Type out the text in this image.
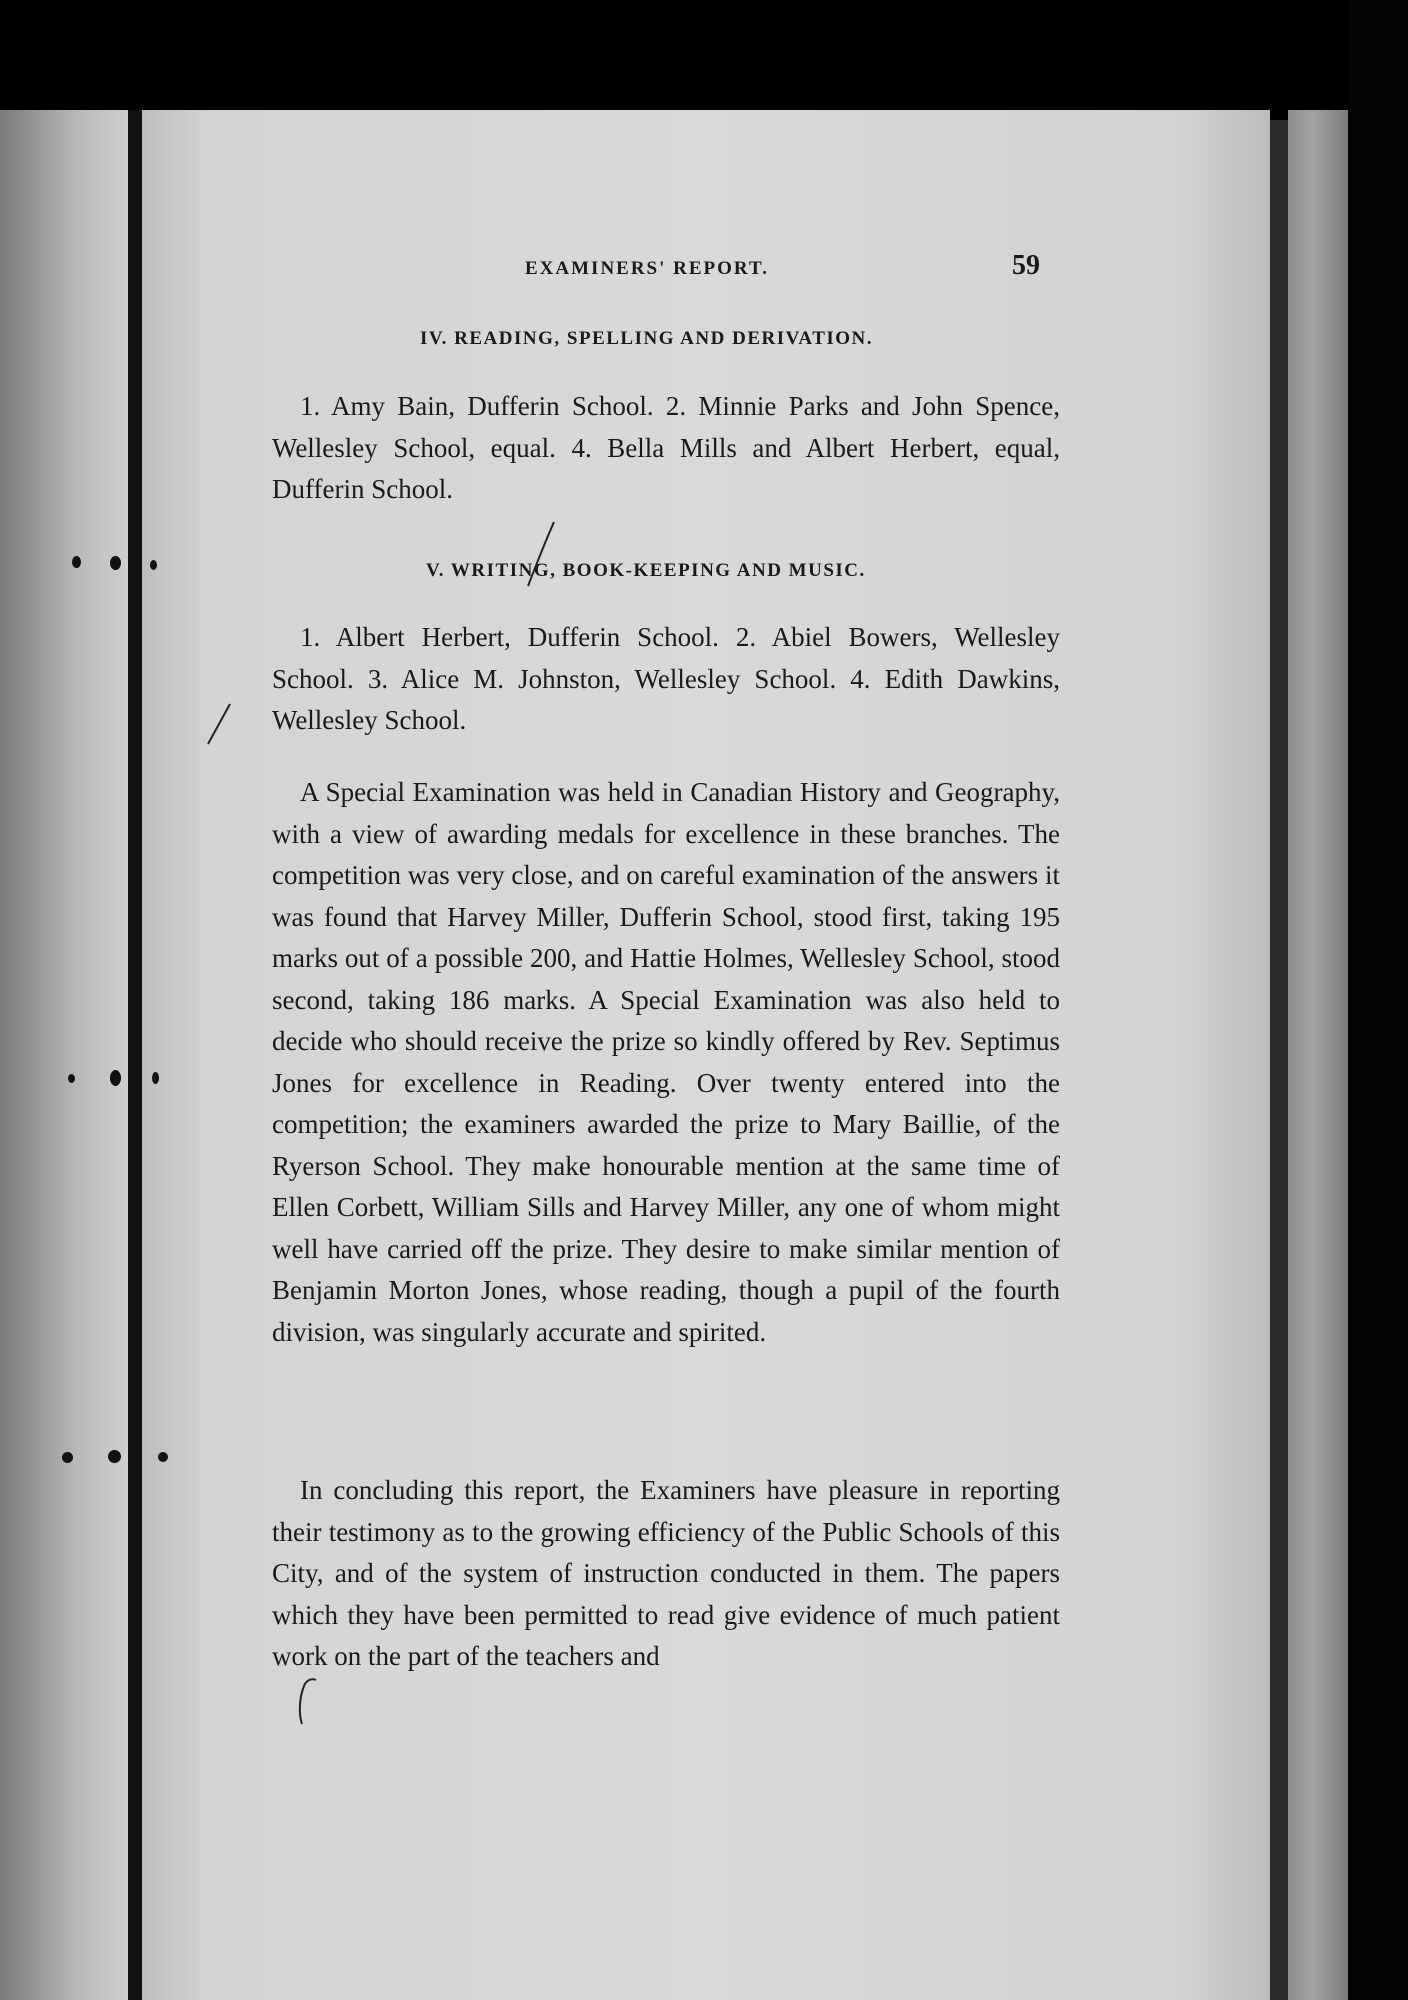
EXAMINERS' REPORT.	59
IV. READING, SPELLING AND DERIVATION.
1. Amy Bain, Dufferin School. 2. Minnie Parks and John Spence, Wellesley School, equal. 4. Bella Mills and Albert Herbert, equal, Dufferin School.
V. WRITING, BOOK-KEEPING AND MUSIC.
1. Albert Herbert, Dufferin School. 2. Abiel Bowers, Wellesley School. 3. Alice M. Johnston, Wellesley School. 4. Edith Dawkins, Wellesley School.
A Special Examination was held in Canadian History and Geography, with a view of awarding medals for excellence in these branches. The competition was very close, and on careful examination of the answers it was found that Harvey Miller, Dufferin School, stood first, taking 195 marks out of a possible 200, and Hattie Holmes, Wellesley School, stood second, taking 186 marks. A Special Examination was also held to decide who should receive the prize so kindly offered by Rev. Septimus Jones for excellence in Reading. Over twenty entered into the competition; the examiners awarded the prize to Mary Baillie, of the Ryerson School. They make honourable mention at the same time of Ellen Corbett, William Sills and Harvey Miller, any one of whom might well have carried off the prize. They desire to make similar mention of Benjamin Morton Jones, whose reading, though a pupil of the fourth division, was singularly accurate and spirited.
In concluding this report, the Examiners have pleasure in reporting their testimony as to the growing efficiency of the Public Schools of this City, and of the system of instruction conducted in them. The papers which they have been permitted to read give evidence of much patient work on the part of the teachers and
